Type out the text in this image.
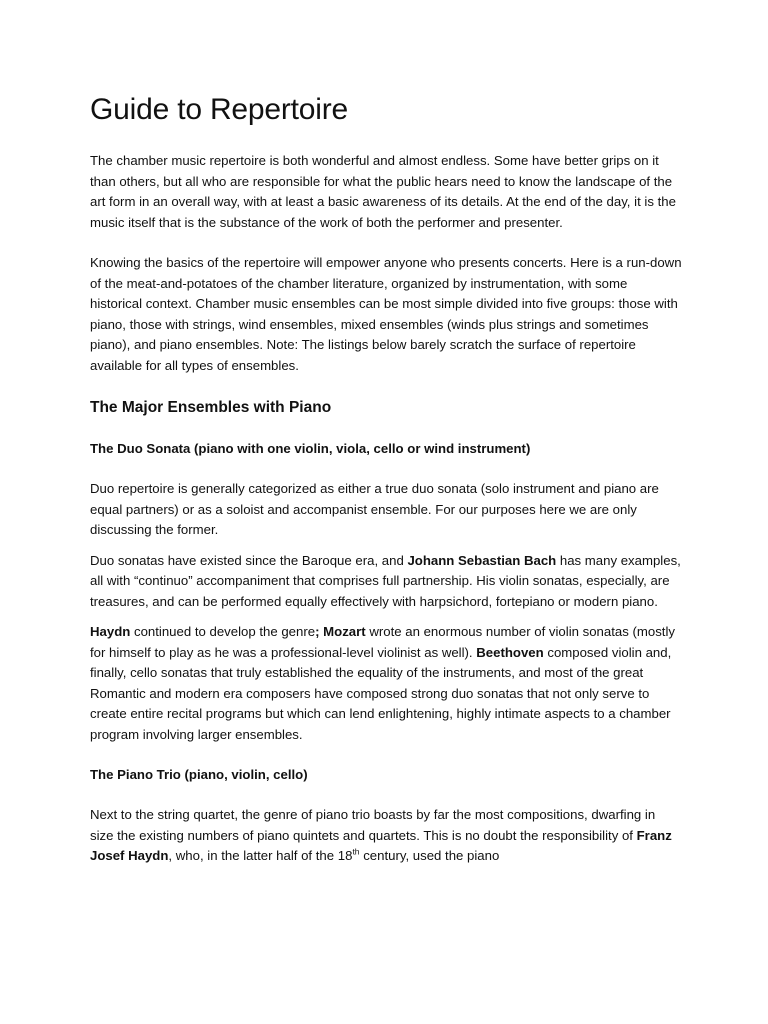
Guide to Repertoire

The chamber music repertoire is both wonderful and almost endless. Some have better grips on it than others, but all who are responsible for what the public hears need to know the landscape of the art form in an overall way, with at least a basic awareness of its details. At the end of the day, it is the music itself that is the substance of the work of both the performer and presenter.

Knowing the basics of the repertoire will empower anyone who presents concerts. Here is a run-down of the meat-and-potatoes of the chamber literature, organized by instrumentation, with some historical context. Chamber music ensembles can be most simple divided into five groups: those with piano, those with strings, wind ensembles, mixed ensembles (winds plus strings and sometimes piano), and piano ensembles. Note: The listings below barely scratch the surface of repertoire available for all types of ensembles.

The Major Ensembles with Piano
The Duo Sonata (piano with one violin, viola, cello or wind instrument)

Duo repertoire is generally categorized as either a true duo sonata (solo instrument and piano are equal partners) or as a soloist and accompanist ensemble. For our purposes here we are only discussing the former.

Duo sonatas have existed since the Baroque era, and Johann Sebastian Bach has many examples, all with “continuo” accompaniment that comprises full partnership. His violin sonatas, especially, are treasures, and can be performed equally effectively with harpsichord, fortepiano or modern piano.

Haydn continued to develop the genre; Mozart wrote an enormous number of violin sonatas (mostly for himself to play as he was a professional-level violinist as well). Beethoven composed violin and, finally, cello sonatas that truly established the equality of the instruments, and most of the great Romantic and modern era composers have composed strong duo sonatas that not only serve to create entire recital programs but which can lend enlightening, highly intimate aspects to a chamber program involving larger ensembles.

The Piano Trio (piano, violin, cello)

Next to the string quartet, the genre of piano trio boasts by far the most compositions, dwarfing in size the existing numbers of piano quintets and quartets. This is no doubt the responsibility of Franz Josef Haydn, who, in the latter half of the 18th century, used the piano
